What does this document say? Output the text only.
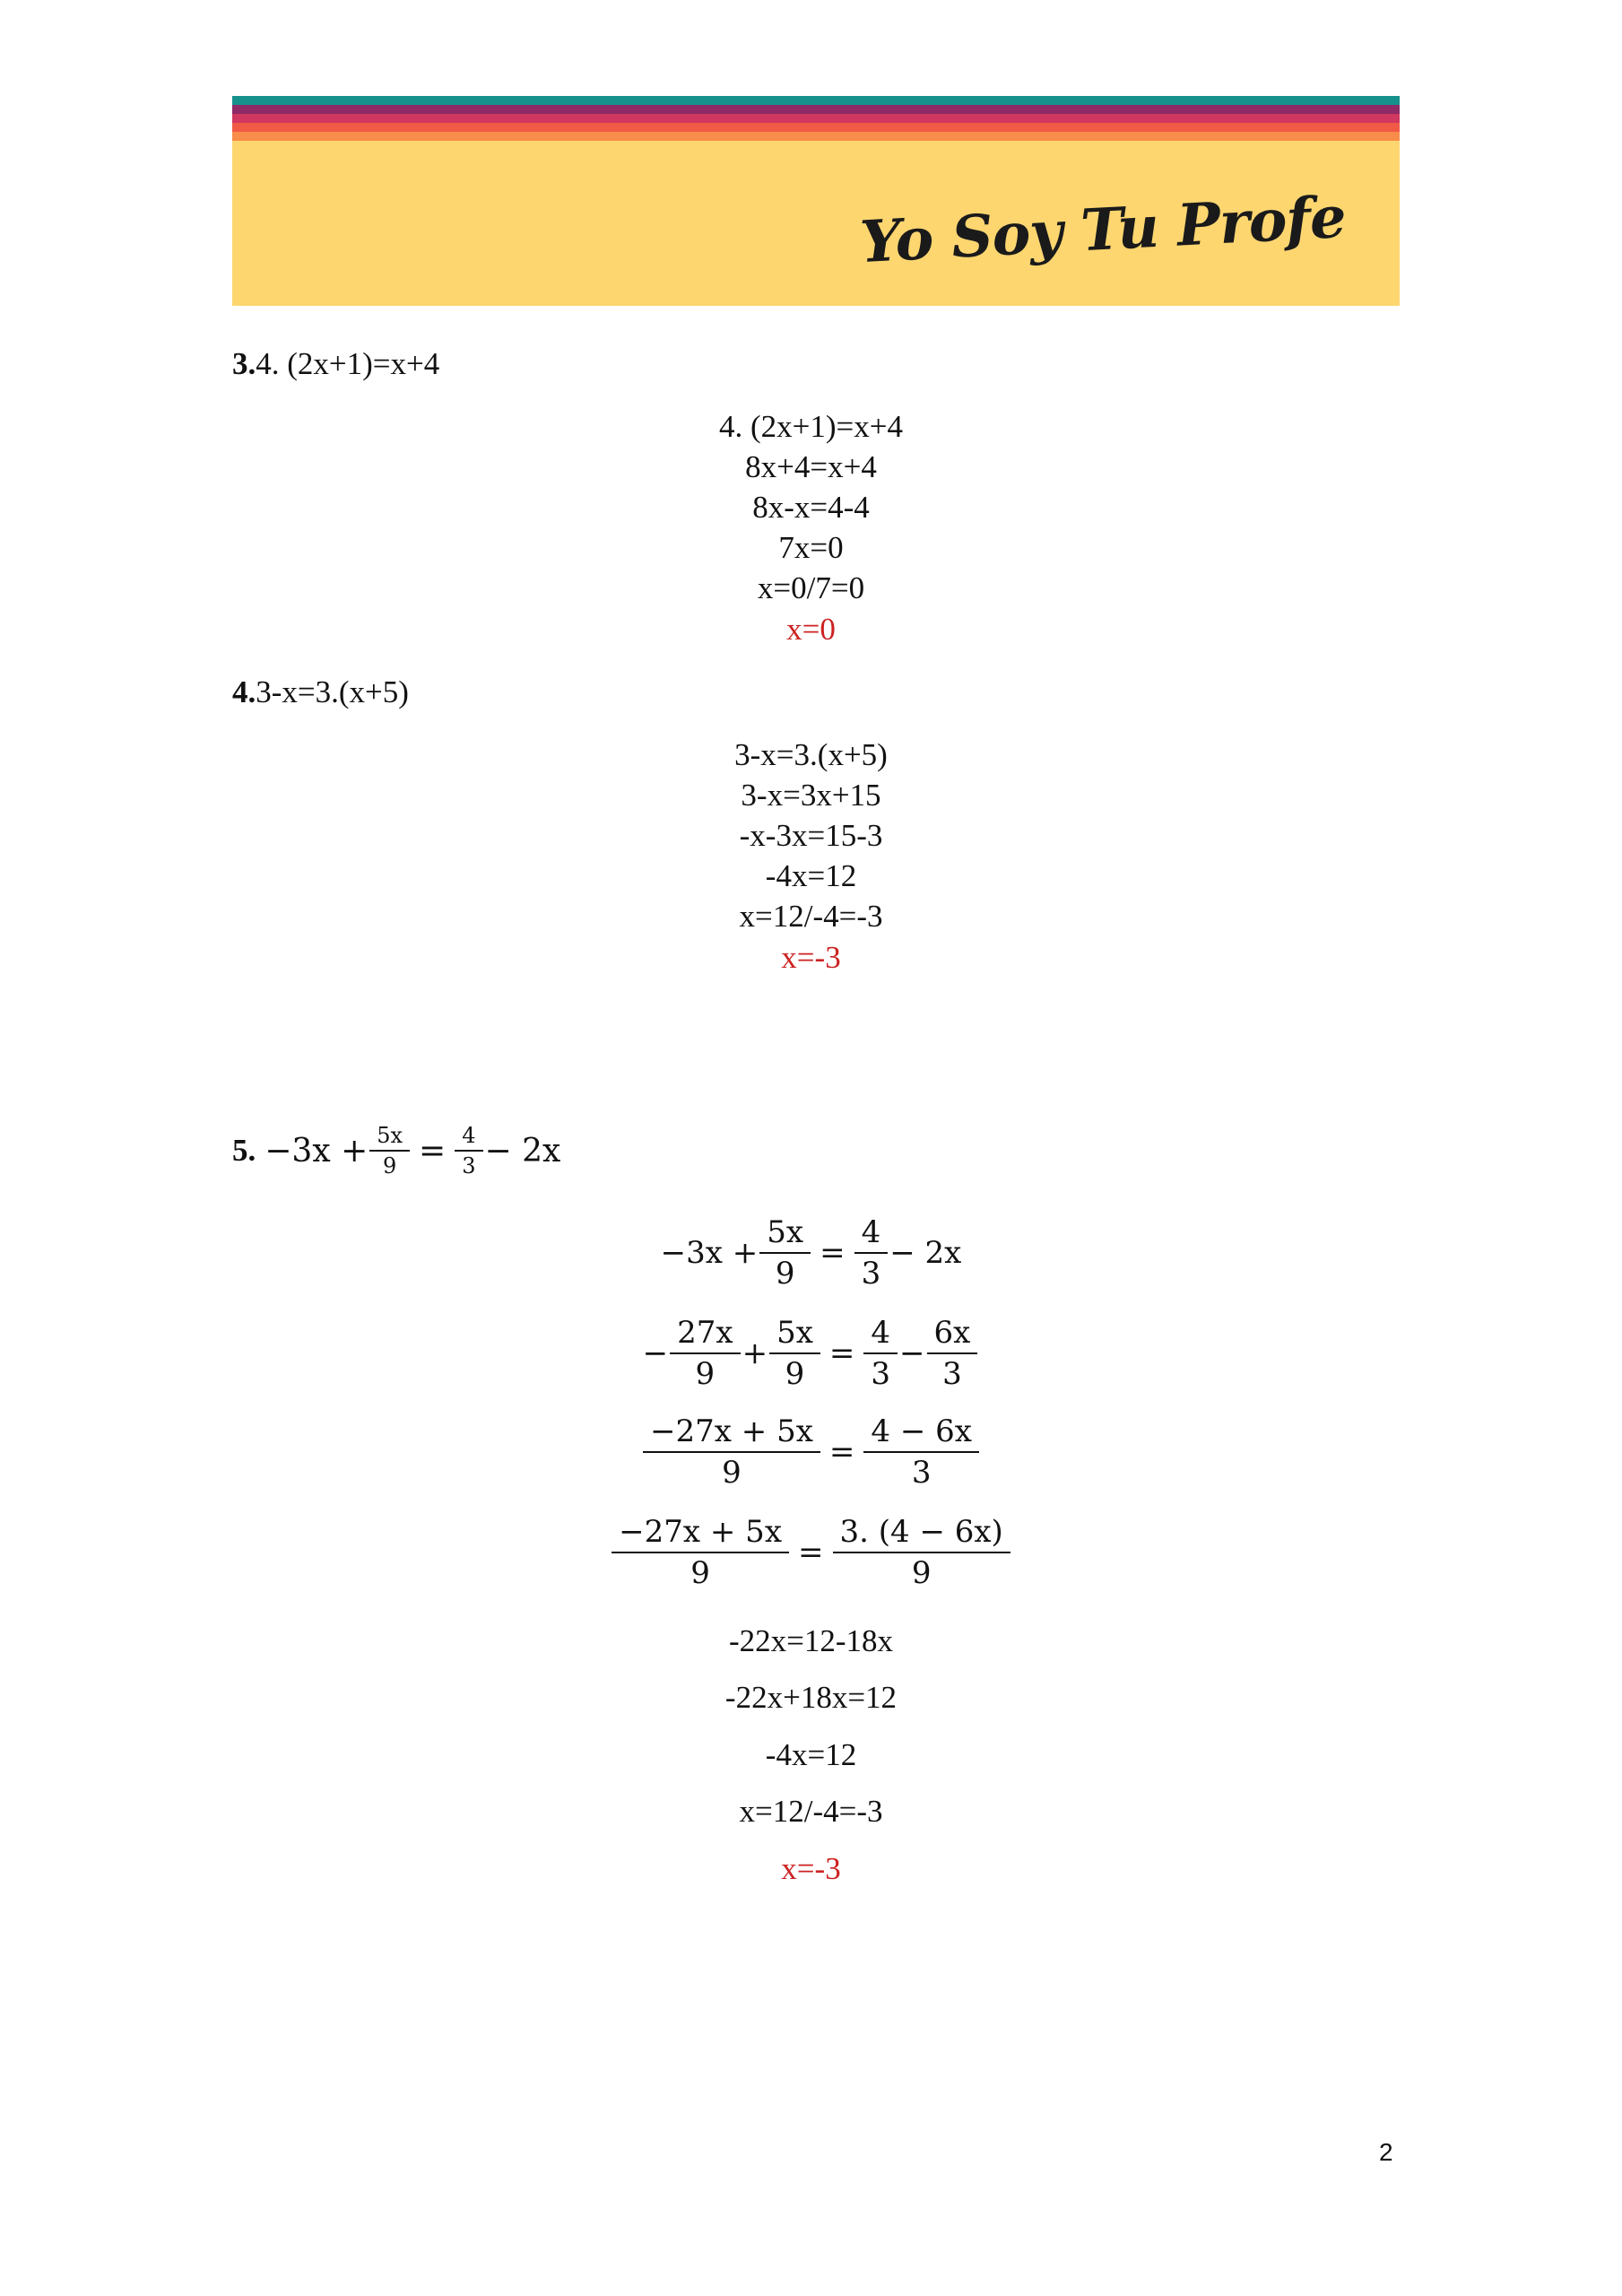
Yo Soy Tu Profe
3.4. (2x+1)=x+4
4. (2x+1)=x+4
8x+4=x+4
8x-x=4-4
7x=0
x=0/7=0
x=0
4.3-x=3.(x+5)
3-x=3.(x+5)
3-x=3x+15
-x-3x=15-3
-4x=12
x=12/-4=-3
x=-3
5. $-3x + \frac{5x}{9} = \frac{4}{3} - 2x$
$-3x + \frac{5x}{9} = \frac{4}{3} - 2x$
− $\frac{27x}{9} + \frac{5x}{9} = \frac{4}{3} - \frac{6x}{3}$
$\frac{-27x + 5x}{9} = \frac{4 - 6x}{3}$
$\frac{-27x + 5x}{9} = \frac{3. (4 - 6x)}{9}$
-22x=12-18x
-22x+18x=12
-4x=12
x=12/-4=-3
x=-3
2
